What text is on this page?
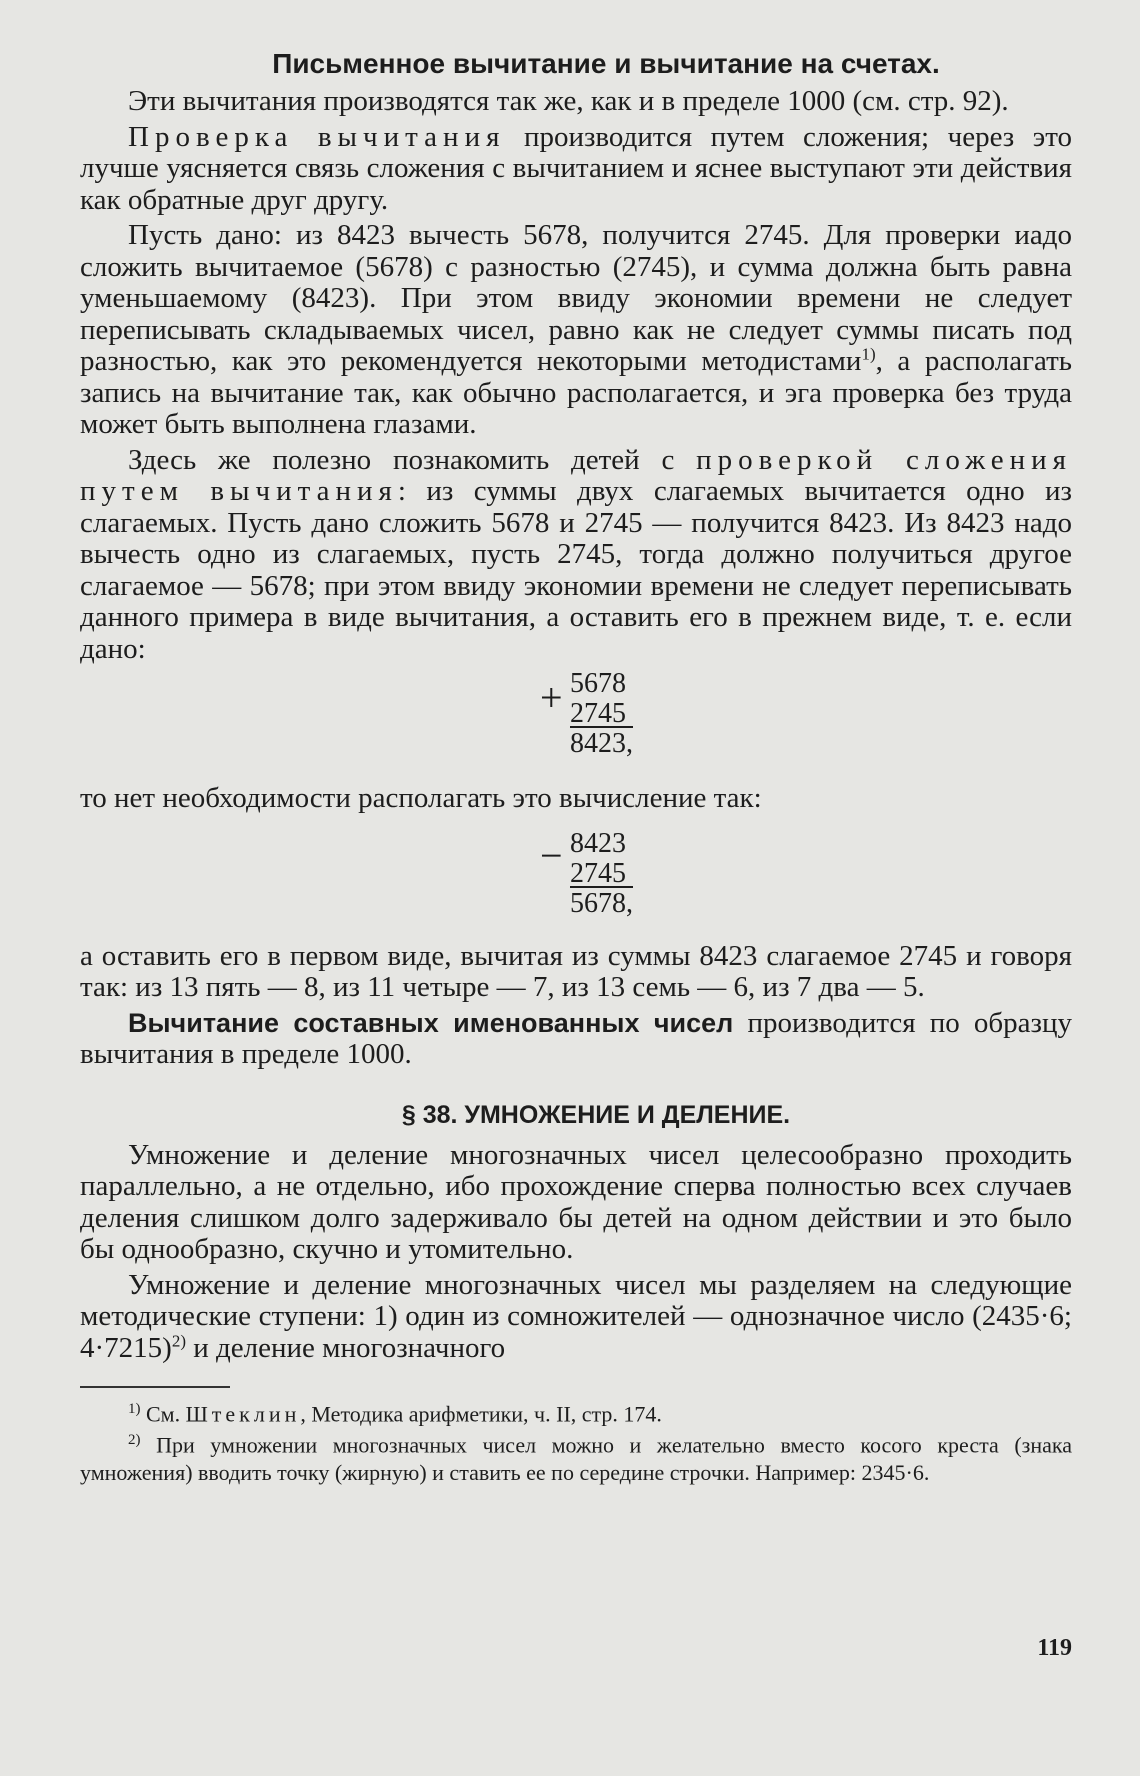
Письменное вычитание и вычитание на счетах.

Эти вычитания производятся так же, как и в пределе 1000 (см. стр. 92).

Проверка вычитания производится путем сложения; через это лучше уясняется связь сложения с вычитанием и яснее выступают эти действия как обратные друг другу.

Пусть дано: из 8423 вычесть 5678, получится 2745. Для проверки иадо сложить вычитаемое (5678) с разностью (2745), и сумма должна быть равна уменьшаемому (8423). При этом ввиду экономии времени не следует переписывать складываемых чисел, равно как не следует суммы писать под разностью, как это рекомендуется некоторыми методистами$^{1)}$, а располагать запись на вычитание так, как обычно располагается, и эга проверка без труда может быть выполнена глазами.

Здесь же полезно познакомить детей с проверкой сложения путем вычитания: из суммы двух слагаемых вычитается одно из слагаемых. Пусть дано сложить 5678 и 2745 — получится 8423. Из 8423 надо вычесть одно из слагаемых, пусть 2745, тогда должно получиться другое слагаемое — 5678; при этом ввиду экономии времени не следует переписывать данного примера в виде вычитания, а оставить его в прежнем виде, т. е. если дано:

+ 5678
2745
8423,

то нет необходимости располагать это вычисление так:

− 8423
2745
5678,

а оставить его в первом виде, вычитая из суммы 8423 слагаемое 2745 и говоря так: из 13 пять — 8, из 11 четыре — 7, из 13 семь — 6, из 7 два — 5.

Вычитание составных именованных чисел производится по образцу вычитания в пределе 1000.

§ 38. УМНОЖЕНИЕ И ДЕЛЕНИЕ.

Умножение и деление многозначных чисел целесообразно проходить параллельно, а не отдельно, ибо прохождение сперва полностью всех случаев деления слишком долго задерживало бы детей на одном действии и это было бы однообразно, скучно и утомительно.

Умножение и деление многозначных чисел мы разделяем на следующие методические ступени: 1) один из сомножителей — однозначное число (2435·6; 4·7215)$^{2)}$ и деление многозначного

$^{1)}$ См. Штеклин, Методика арифметики, ч. II, стр. 174.

$^{2)}$ При умножении многозначных чисел можно и желательно вместо косого креста (знака умножения) вводить точку (жирную) и ставить ее по середине строчки. Например: 2345·6.

119
